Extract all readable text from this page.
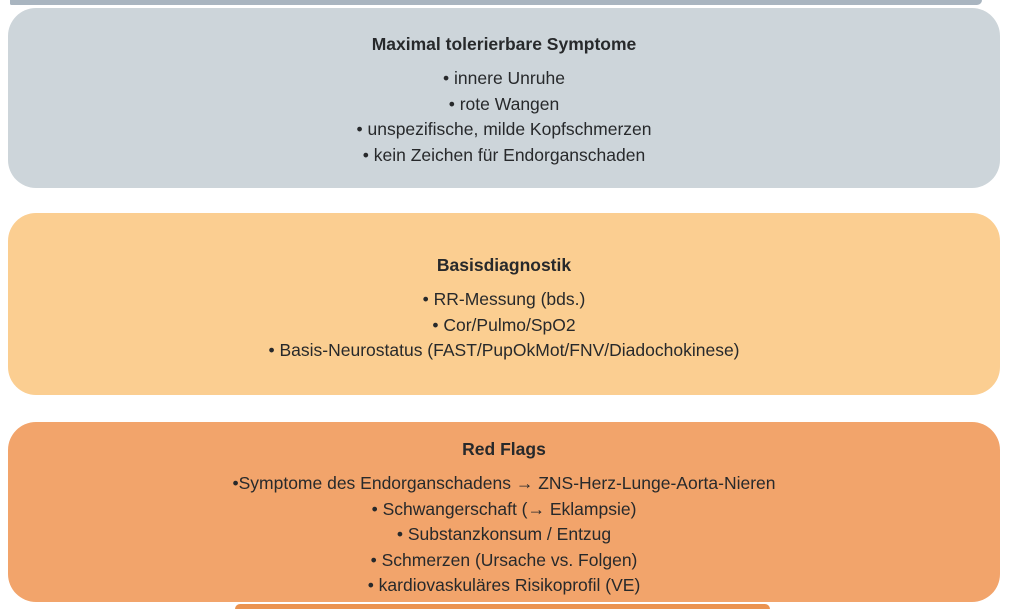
Maximal tolerierbare Symptome
• innere Unruhe
• rote Wangen
• unspezifische, milde Kopfschmerzen
• kein Zeichen für Endorganschaden
Basisdiagnostik
• RR-Messung (bds.)
• Cor/Pulmo/SpO2
• Basis-Neurostatus (FAST/PupOkMot/FNV/Diadochokinese)
Red Flags
•Symptome des Endorganschadens → ZNS-Herz-Lunge-Aorta-Nieren
• Schwangerschaft (→ Eklampsie)
• Substanzkonsum / Entzug
• Schmerzen (Ursache vs. Folgen)
• kardiovaskuläres Risikoprofil (VE)
